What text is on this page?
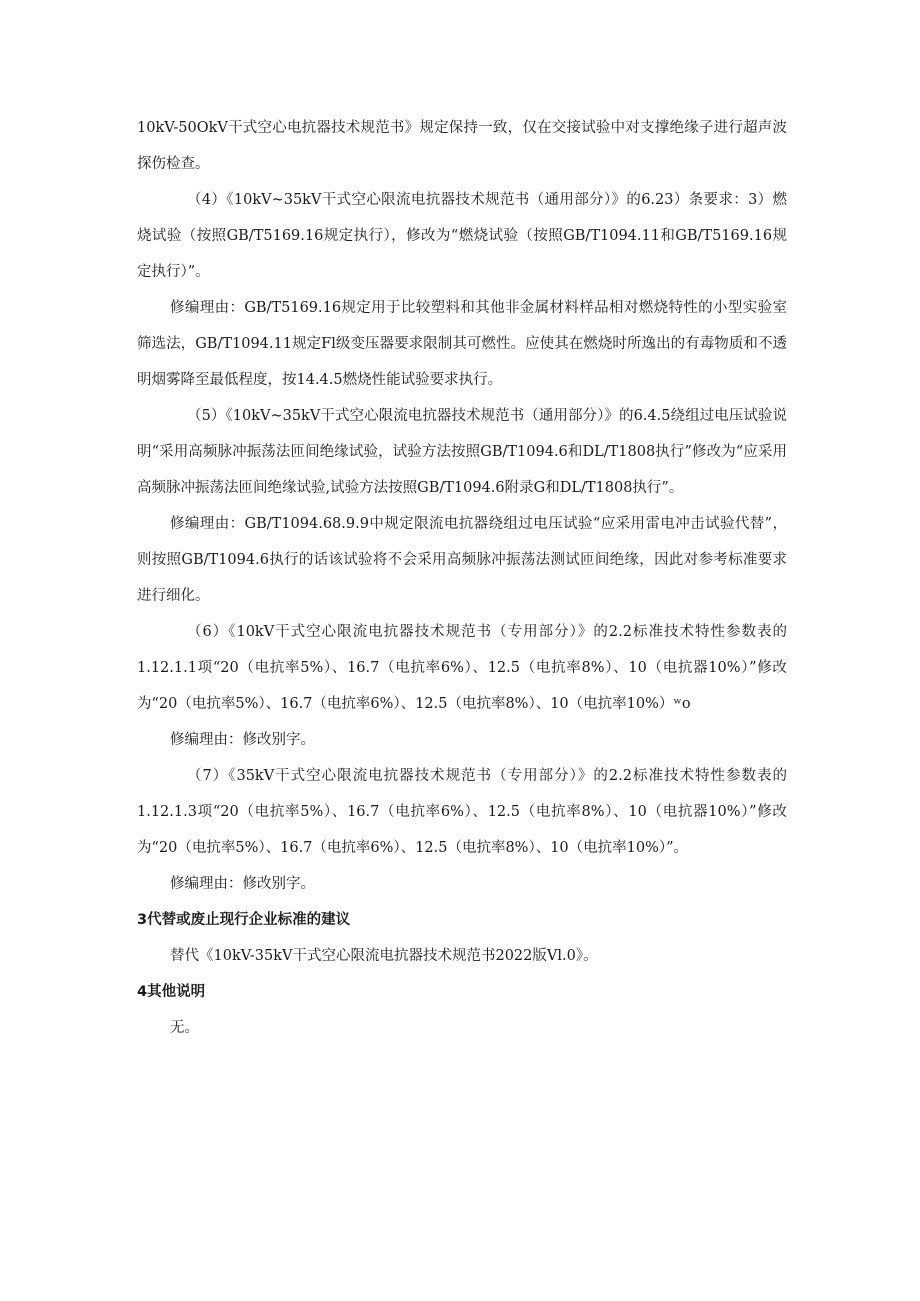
10kV-50OkV干式空心电抗器技术规范书》规定保持一致，仅在交接试验中对支撑绝缘子进行超声波探伤检查。

（4）《10kV~35kV干式空心限流电抗器技术规范书（通用部分）》的6.23）条要求：3）燃烧试验（按照GB/T5169.16规定执行），修改为“燃烧试验（按照GB/T1094.11和GB/T5169.16规定执行）”。

修编理由：GB/T5169.16规定用于比较塑料和其他非金属材料样品相对燃烧特性的小型实验室筛选法，GB/T1094.11规定Fl级变压器要求限制其可燃性。应使其在燃烧时所逸出的有毒物质和不透明烟雾降至最低程度，按14.4.5燃烧性能试验要求执行。

（5）《10kV~35kV干式空心限流电抗器技术规范书（通用部分）》的6.4.5绕组过电压试验说明“采用高频脉冲振荡法匝间绝缘试验，试验方法按照GB/T1094.6和DL/T1808执行”修改为“应采用高频脉冲振荡法匝间绝缘试验,试验方法按照GB/T1094.6附录G和DL/T1808执行”。

修编理由：GB/T1094.68.9.9中规定限流电抗器绕组过电压试验“应采用雷电冲击试验代替”，则按照GB/T1094.6执行的话该试验将不会采用高频脉冲振荡法测试匝间绝缘，因此对参考标准要求进行细化。

（6）《10kV干式空心限流电抗器技术规范书（专用部分）》的2.2标准技术特性参数表的1.12.1.1项“20（电抗率5%）、16.7（电抗率6%）、12.5（电抗率8%）、10（电抗器10%）”修改为“20（电抗率5%）、16.7（电抗率6%）、12.5（电抗率8%）、10（电抗率10%）ʷo

修编理由：修改别字。

（7）《35kV干式空心限流电抗器技术规范书（专用部分）》的2.2标准技术特性参数表的1.12.1.3项“20（电抗率5%）、16.7（电抗率6%）、12.5（电抗率8%）、10（电抗器10%）”修改为“20（电抗率5%）、16.7（电抗率6%）、12.5（电抗率8%）、10（电抗率10%）”。

修编理由：修改别字。

3代替或废止现行企业标准的建议

替代《10kV-35kV干式空心限流电抗器技术规范书2022版Vl.0》。

4其他说明

无。
